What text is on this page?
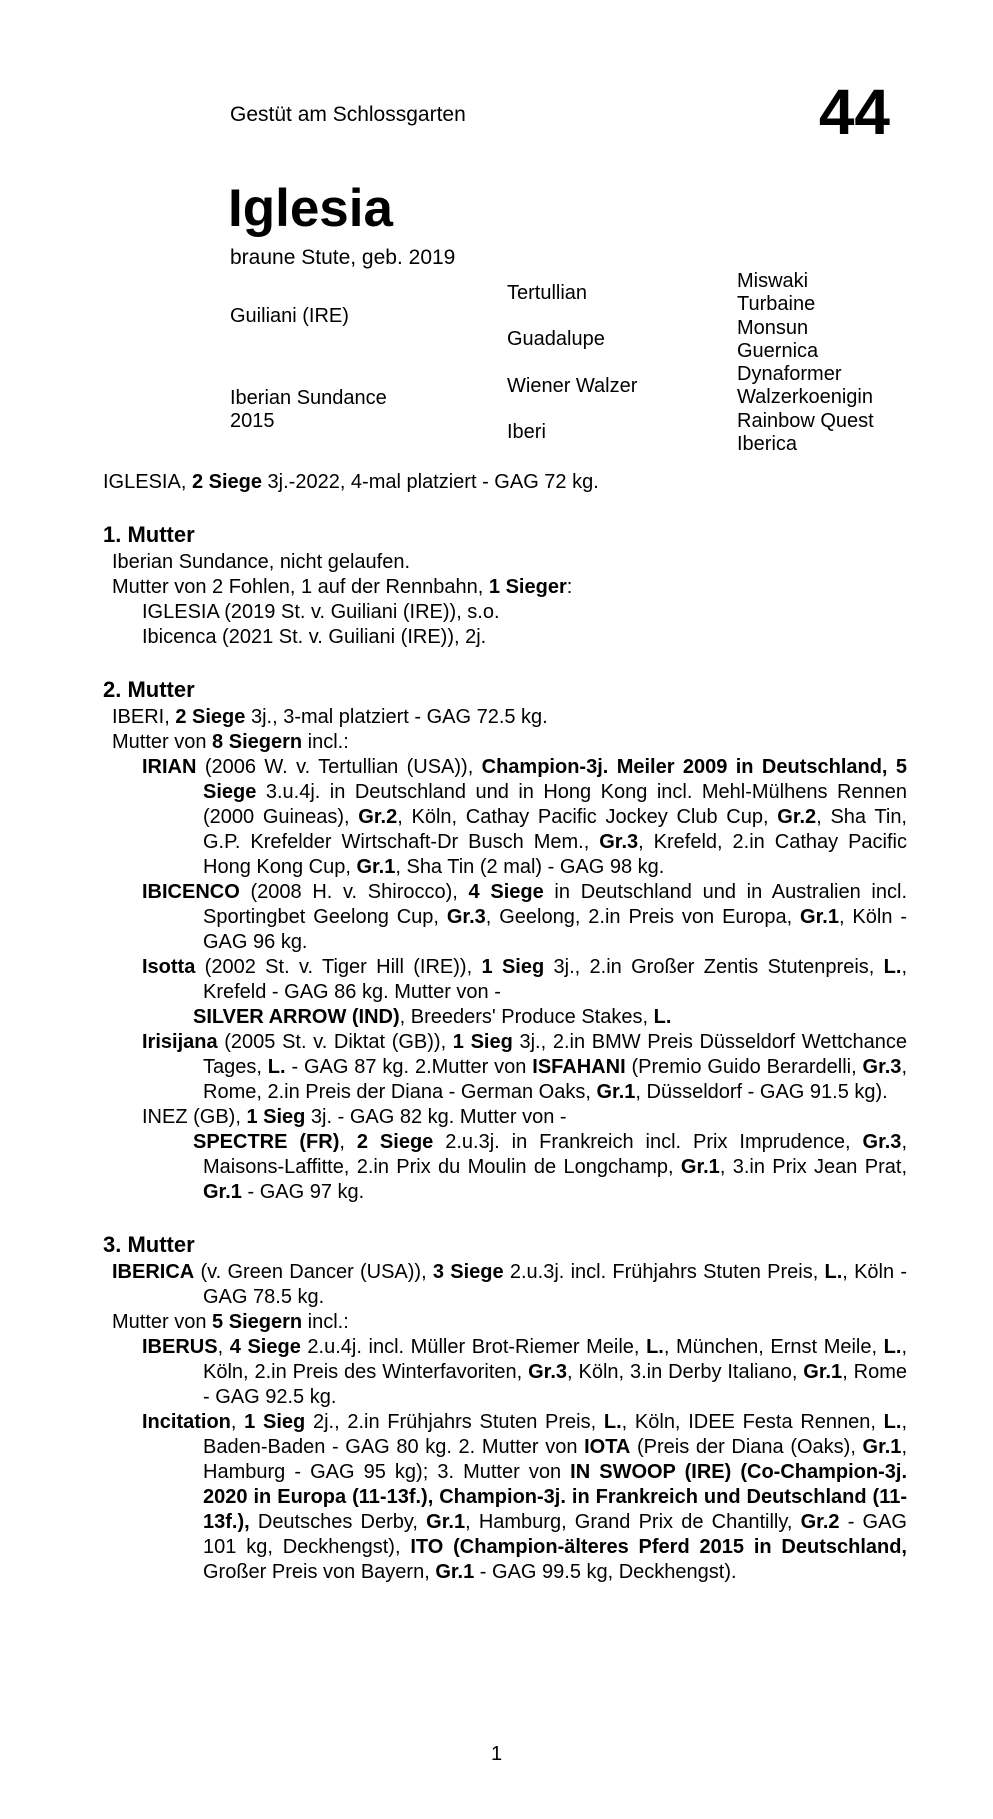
Gestüt am Schlossgarten	44
Iglesia
braune Stute, geb. 2019
Guiliani (IRE)
Iberian Sundance
2015
Tertullian
Guadalupe
Wiener Walzer
Iberi
Miswaki
Turbaine
Monsun
Guernica
Dynaformer
Walzerkoenigin
Rainbow Quest
Iberica

IGLESIA, 2 Siege 3j.-2022, 4-mal platziert - GAG 72 kg.

1. Mutter

Iberian Sundance, nicht gelaufen.

Mutter von 2 Fohlen, 1 auf der Rennbahn, 1 Sieger:

IGLESIA (2019 St. v. Guiliani (IRE)), s.o.

Ibicenca (2021 St. v. Guiliani (IRE)), 2j.

2. Mutter

IBERI, 2 Siege 3j., 3-mal platziert - GAG 72.5 kg.

Mutter von 8 Siegern incl.:

IRIAN (2006 W. v. Tertullian (USA)), Champion-3j. Meiler 2009 in Deutschland, 5 Siege 3.u.4j. in Deutschland und in Hong Kong incl. Mehl-Mülhens Rennen (2000 Guineas), Gr.2, Köln, Cathay Pacific Jockey Club Cup, Gr.2, Sha Tin, G.P. Krefelder Wirtschaft-Dr Busch Mem., Gr.3, Krefeld, 2.in Cathay Pacific Hong Kong Cup, Gr.1, Sha Tin (2 mal) - GAG 98 kg.

IBICENCO (2008 H. v. Shirocco), 4 Siege in Deutschland und in Australien incl. Sportingbet Geelong Cup, Gr.3, Geelong, 2.in Preis von Europa, Gr.1, Köln - GAG 96 kg.

Isotta (2002 St. v. Tiger Hill (IRE)), 1 Sieg 3j., 2.in Großer Zentis Stutenpreis, L., Krefeld - GAG 86 kg. Mutter von -

SILVER ARROW (IND), Breeders' Produce Stakes, L.

Irisijana (2005 St. v. Diktat (GB)), 1 Sieg 3j., 2.in BMW Preis Düsseldorf Wettchance Tages, L. - GAG 87 kg. 2.Mutter von ISFAHANI (Premio Guido Berardelli, Gr.3, Rome, 2.in Preis der Diana - German Oaks, Gr.1, Düsseldorf - GAG 91.5 kg).

INEZ (GB), 1 Sieg 3j. - GAG 82 kg. Mutter von -

SPECTRE (FR), 2 Siege 2.u.3j. in Frankreich incl. Prix Imprudence, Gr.3, Maisons-Laffitte, 2.in Prix du Moulin de Longchamp, Gr.1, 3.in Prix Jean Prat, Gr.1 - GAG 97 kg.

3. Mutter

IBERICA (v. Green Dancer (USA)), 3 Siege 2.u.3j. incl. Frühjahrs Stuten Preis, L., Köln - GAG 78.5 kg.

Mutter von 5 Siegern incl.:

IBERUS, 4 Siege 2.u.4j. incl. Müller Brot-Riemer Meile, L., München, Ernst Meile, L., Köln, 2.in Preis des Winterfavoriten, Gr.3, Köln, 3.in Derby Italiano, Gr.1, Rome - GAG 92.5 kg.

Incitation, 1 Sieg 2j., 2.in Frühjahrs Stuten Preis, L., Köln, IDEE Festa Rennen, L., Baden-Baden - GAG 80 kg. 2. Mutter von IOTA (Preis der Diana (Oaks), Gr.1, Hamburg - GAG 95 kg); 3. Mutter von IN SWOOP (IRE) (Co-Champion-3j. 2020 in Europa (11-13f.), Champion-3j. in Frankreich und Deutschland (11-13f.), Deutsches Derby, Gr.1, Hamburg, Grand Prix de Chantilly, Gr.2 - GAG 101 kg, Deckhengst), ITO (Champion-älteres Pferd 2015 in Deutschland, Großer Preis von Bayern, Gr.1 - GAG 99.5 kg, Deckhengst).

1
